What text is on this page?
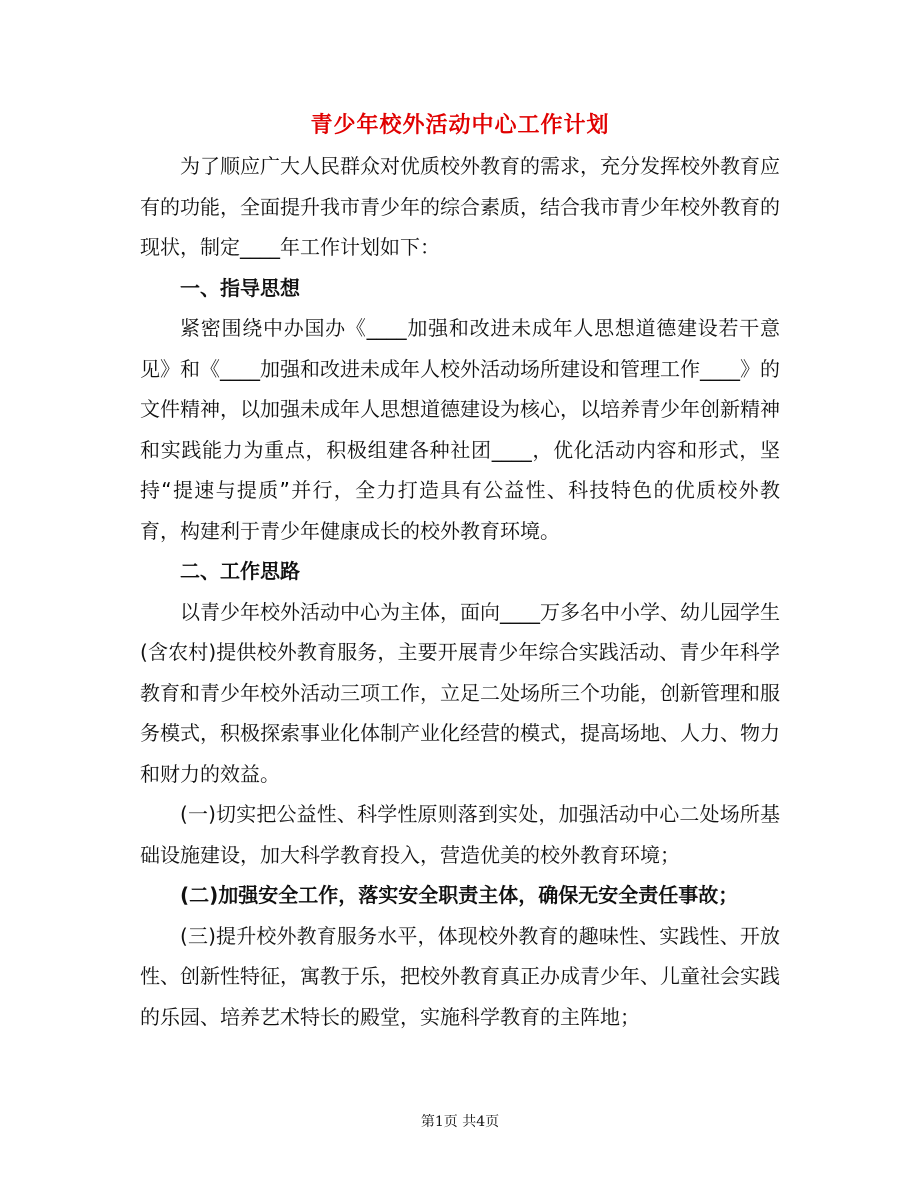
青少年校外活动中心工作计划

为了顺应广大人民群众对优质校外教育的需求，充分发挥校外教育应有的功能，全面提升我市青少年的综合素质，结合我市青少年校外教育的现状，制定____年工作计划如下：

一、指导思想

紧密围绕中办国办《____加强和改进未成年人思想道德建设若干意见》和《____加强和改进未成年人校外活动场所建设和管理工作____》的文件精神，以加强未成年人思想道德建设为核心，以培养青少年创新精神和实践能力为重点，积极组建各种社团____，优化活动内容和形式，坚持“提速与提质”并行，全力打造具有公益性、科技特色的优质校外教育，构建利于青少年健康成长的校外教育环境。

二、工作思路

以青少年校外活动中心为主体，面向____万多名中小学、幼儿园学生(含农村)提供校外教育服务，主要开展青少年综合实践活动、青少年科学教育和青少年校外活动三项工作，立足二处场所三个功能，创新管理和服务模式，积极探索事业化体制产业化经营的模式，提高场地、人力、物力和财力的效益。

(一)切实把公益性、科学性原则落到实处，加强活动中心二处场所基础设施建设，加大科学教育投入，营造优美的校外教育环境；

(二)加强安全工作，落实安全职责主体，确保无安全责任事故；

(三)提升校外教育服务水平，体现校外教育的趣味性、实践性、开放性、创新性特征，寓教于乐，把校外教育真正办成青少年、儿童社会实践的乐园、培养艺术特长的殿堂，实施科学教育的主阵地；

第1页 共4页
